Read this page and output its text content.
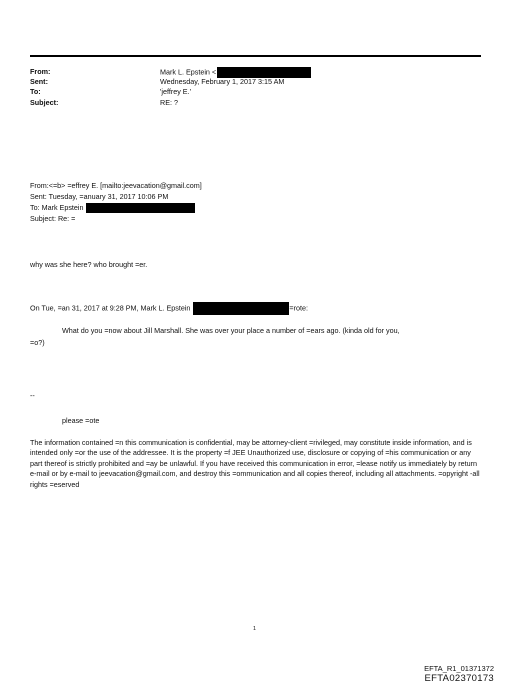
From:
Sent:
To:
Subject:
Mark L. Epstein <
Wednesday, February 1, 2017 3:15 AM
'jeffrey E.'
RE: ?
From:<=b> =effrey E. [mailto:jeevacation@gmail.com]
Sent: Tuesday, =anuary 31, 2017 10:06 PM
To: Mark Epstein
Subject: Re: =
why was she here? who brought =er.
On Tue, =an 31, 2017 at 9:28 PM, Mark L. Epstein	=rote:
What do you =now about Jill Marshall. She was over your place a number of =ears ago. (kinda old for you,
=o?)
--
please =ote
The information contained =n this communication is confidential, may be attorney-client =rivileged, may constitute inside information, and is intended only =or the use of the addressee. It is the property =f JEE Unauthorized use, disclosure or copying of =his communication or any part thereof is strictly prohibited and =ay be unlawful. If you have received this communication in error, =lease notify us immediately by return e-mail or by e-mail to jeevacation@gmail.com, and destroy this =ommunication and all copies thereof, including all attachments. =opyright -all rights =eserved
1
EFTA_R1_01371372
EFTA02370173
